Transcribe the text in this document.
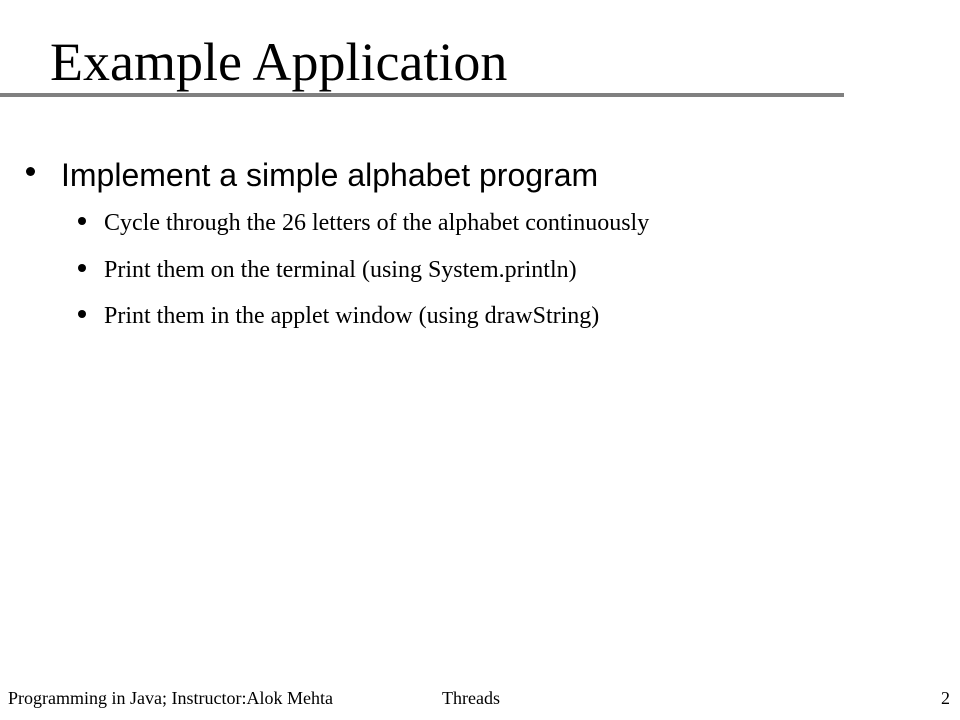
Example Application
Implement a simple alphabet program
Cycle through the 26 letters of the alphabet continuously
Print them on the terminal (using System.println)
Print them in the applet window (using drawString)
Programming in Java; Instructor:Alok Mehta	Threads	2
